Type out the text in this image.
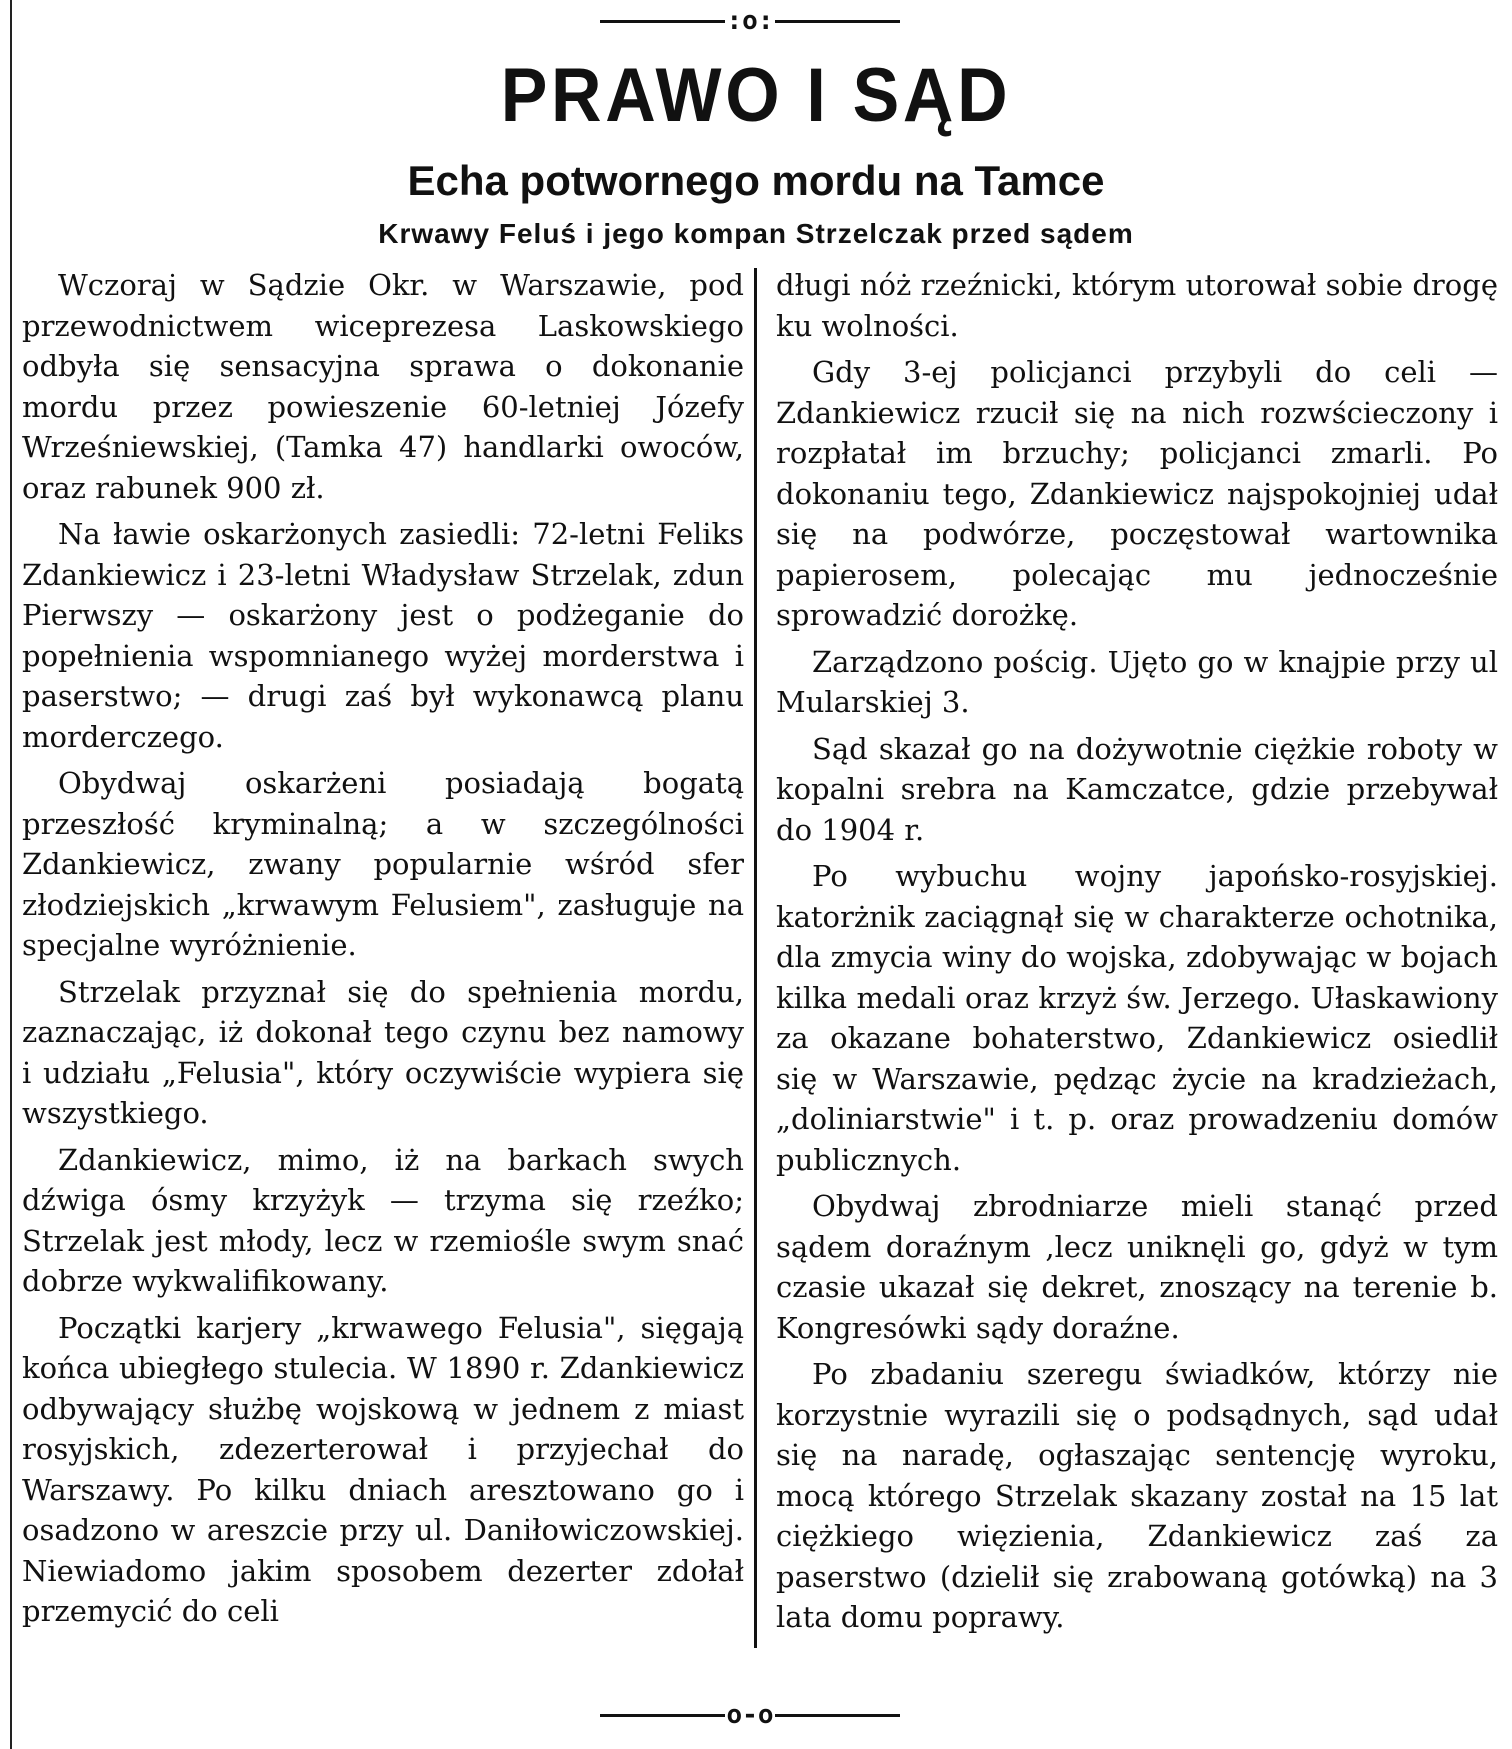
:o:
PRAWO I SĄD
Echa potwornego mordu na Tamce
Krwawy Feluś i jego kompan Strzelczak przed sądem

Wczoraj w Sądzie Okr. w Warszawie, pod przewodnictwem wiceprezesa Laskowskiego odbyła się sensacyjna sprawa o dokonanie mordu przez powieszenie 60-letniej Józefy Wrześniewskiej, (Tamka 47) handlarki owoców, oraz rabunek 900 zł.

Na ławie oskarżonych zasiedli: 72-letni Feliks Zdankiewicz i 23-letni Władysław Strzelak, zdun Pierwszy — oskarżony jest o podżeganie do popełnienia wspomnianego wyżej morderstwa i paserstwo; — drugi zaś był wykonawcą planu morderczego.

Obydwaj oskarżeni posiadają bogatą przeszłość kryminalną; a w szczególności Zdankiewicz, zwany popularnie wśród sfer złodziejskich „krwawym Felusiem", zasługuje na specjalne wyróżnienie.

Strzelak przyznał się do spełnienia mordu, zaznaczając, iż dokonał tego czynu bez namowy i udziału „Felusia", który oczywiście wypiera się wszystkiego.

Zdankiewicz, mimo, iż na barkach swych dźwiga ósmy krzyżyk — trzyma się rzeźko; Strzelak jest młody, lecz w rzemiośle swym snać dobrze wykwalifikowany.

Początki karjery „krwawego Felusia", sięgają końca ubiegłego stulecia. W 1890 r. Zdankiewicz odbywający służbę wojskową w jednem z miast rosyjskich, zdezerterował i przyjechał do Warszawy. Po kilku dniach aresztowano go i osadzono w areszcie przy ul. Daniłowiczowskiej. Niewiadomo jakim sposobem dezerter zdołał przemycić do celi

długi nóż rzeźnicki, którym utorował sobie drogę ku wolności.

Gdy 3-ej policjanci przybyli do celi — Zdankiewicz rzucił się na nich rozwścieczony i rozpłatał im brzuchy; policjanci zmarli. Po dokonaniu tego, Zdankiewicz najspokojniej udał się na podwórze, poczęstował wartownika papierosem, polecając mu jednocześnie sprowadzić dorożkę.

Zarządzono pościg. Ujęto go w knajpie przy ul Mularskiej 3.

Sąd skazał go na dożywotnie ciężkie roboty w kopalni srebra na Kamczatce, gdzie przebywał do 1904 r.

Po wybuchu wojny japońsko-rosyjskiej. katorżnik zaciągnął się w charakterze ochotnika, dla zmycia winy do wojska, zdobywając w bojach kilka medali oraz krzyż św. Jerzego. Ułaskawiony za okazane bohaterstwo, Zdankiewicz osiedlił się w Warszawie, pędząc życie na kradzieżach, „doliniarstwie" i t. p. oraz prowadzeniu domów publicznych.

Obydwaj zbrodniarze mieli stanąć przed sądem doraźnym ,lecz uniknęli go, gdyż w tym czasie ukazał się dekret, znoszący na terenie b. Kongresówki sądy doraźne.

Po zbadaniu szeregu świadków, którzy nie korzystnie wyrazili się o podsądnych, sąd udał się na naradę, ogłaszając sentencję wyroku, mocą którego Strzelak skazany został na 15 lat ciężkiego więzienia, Zdankiewicz zaś za paserstwo (dzielił się zrabowaną gotówką) na 3 lata domu poprawy.

o-o
